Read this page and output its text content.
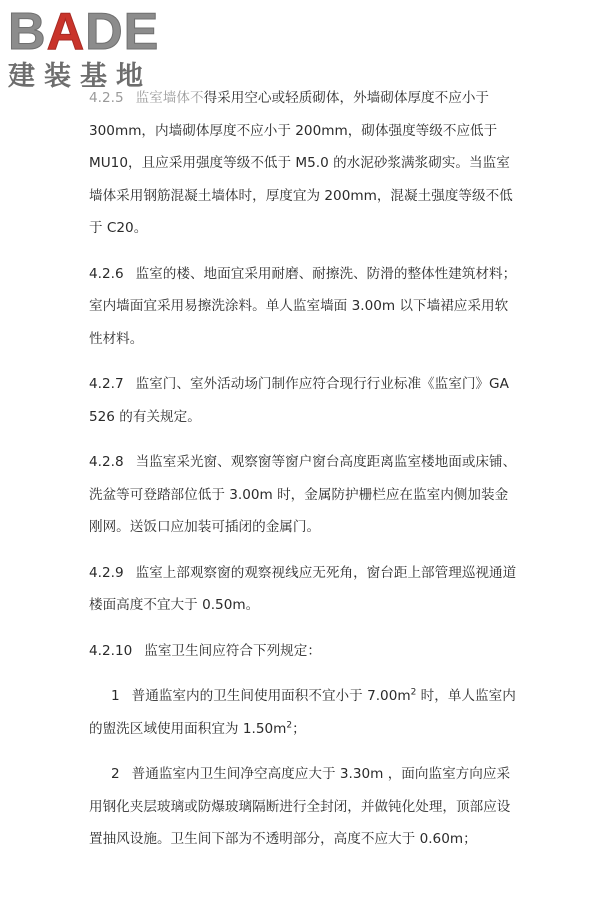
BADE
建装基地

4.2.5 监室墙体不得采用空心或轻质砌体，外墙砌体厚度不应小于 300mm，内墙砌体厚度不应小于 200mm，砌体强度等级不应低于 MU10，且应采用强度等级不低于 M5.0 的水泥砂浆满浆砌实。当监室墙体采用钢筋混凝土墙体时，厚度宜为 200mm，混凝土强度等级不低于 C20。

4.2.6 监室的楼、地面宜采用耐磨、耐擦洗、防滑的整体性建筑材料；室内墙面宜采用易擦洗涂料。单人监室墙面 3.00m 以下墙裙应采用软性材料。

4.2.7 监室门、室外活动场门制作应符合现行行业标准《监室门》GA 526 的有关规定。

4.2.8 当监室采光窗、观察窗等窗户窗台高度距离监室楼地面或床铺、洗盆等可登踏部位低于 3.00m 时，金属防护栅栏应在监室内侧加装金刚网。送饭口应加装可插闭的金属门。

4.2.9 监室上部观察窗的观察视线应无死角，窗台距上部管理巡视通道楼面高度不宜大于 0.50m。

4.2.10 监室卫生间应符合下列规定：

1 普通监室内的卫生间使用面积不宜小于 $7.00m^2$ 时，单人监室内的盥洗区域使用面积宜为 $1.50m^2$；

2 普通监室内卫生间净空高度应大于 3.30m ，面向监室方向应采用钢化夹层玻璃或防爆玻璃隔断进行全封闭，并做钝化处理，顶部应设置抽风设施。卫生间下部为不透明部分，高度不应大于 0.60m；
